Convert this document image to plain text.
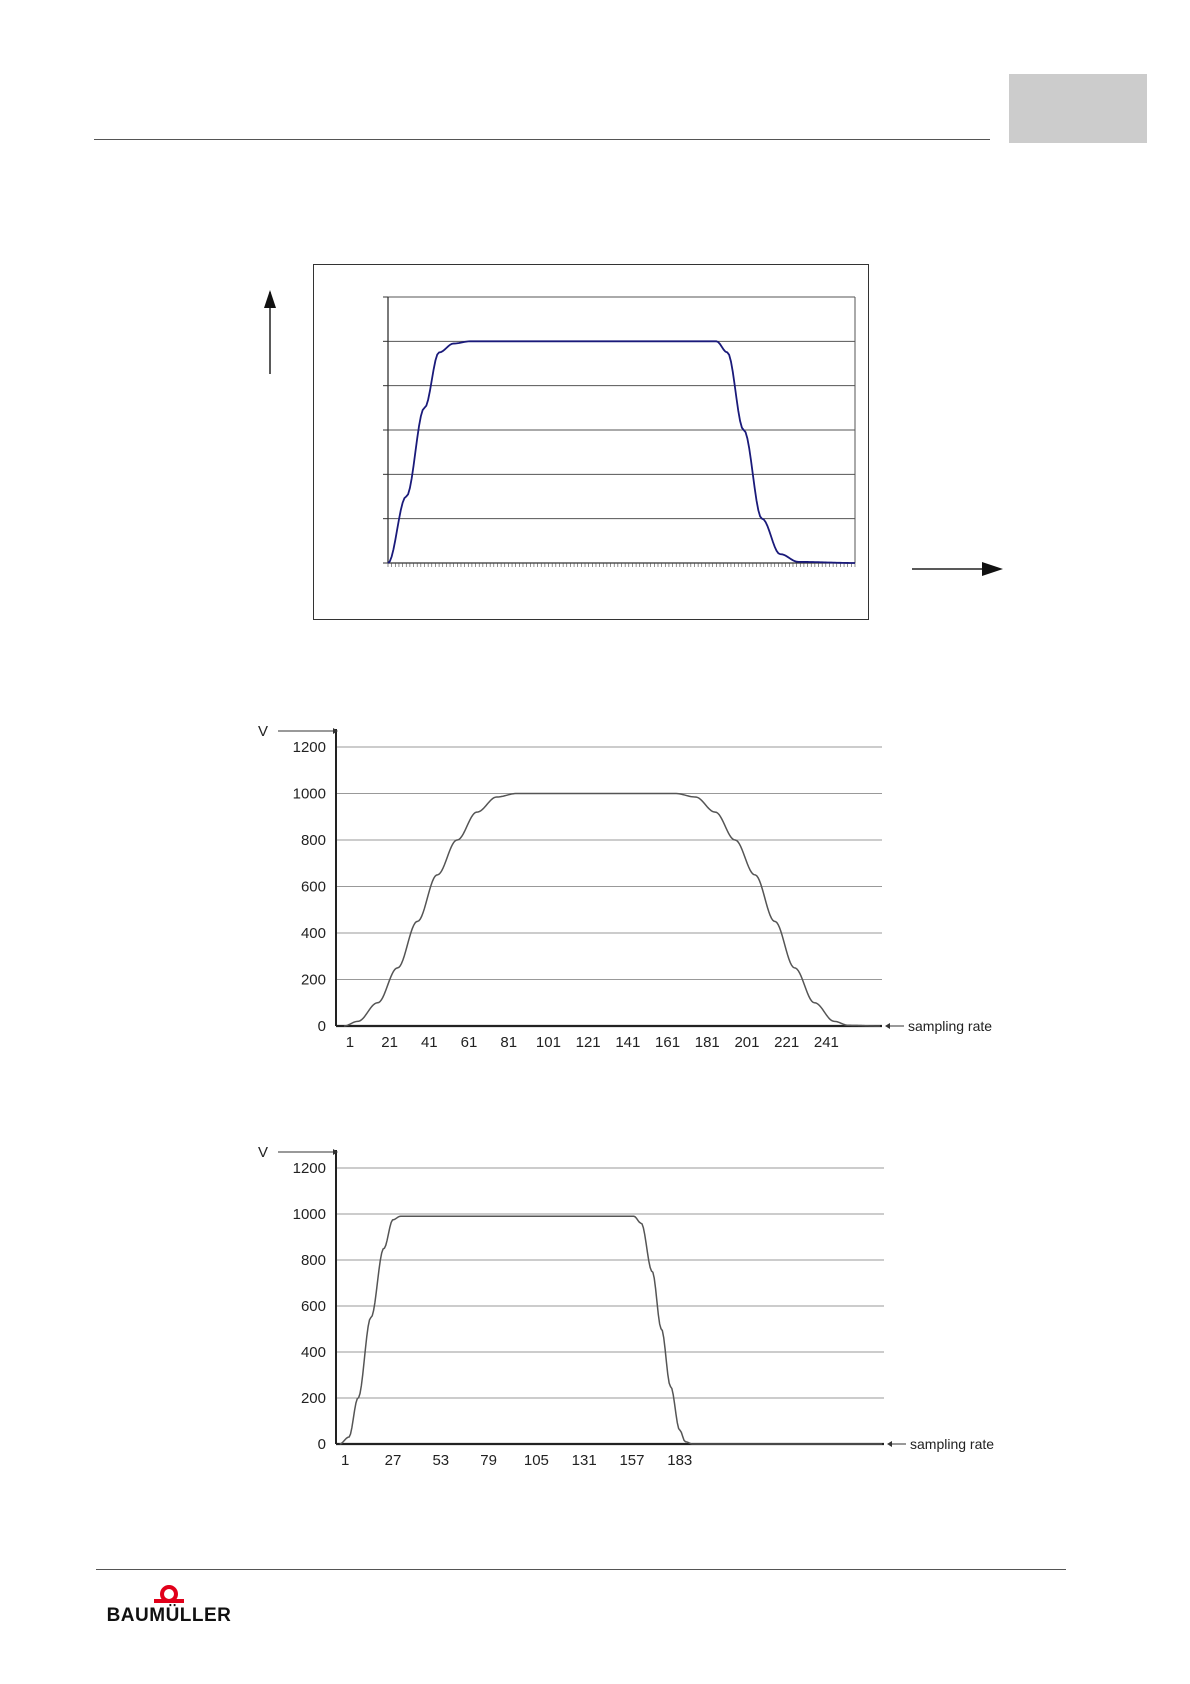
0
200
400
600
800
1000
1200
V
sampling rate
1 21 41 61 81 101 121 141 161 181 201 221 241
0
200
400
600
800
1000
1200
V
sampling rate
1 27 53 79 105 131 157 183
BAUMÜLLER
